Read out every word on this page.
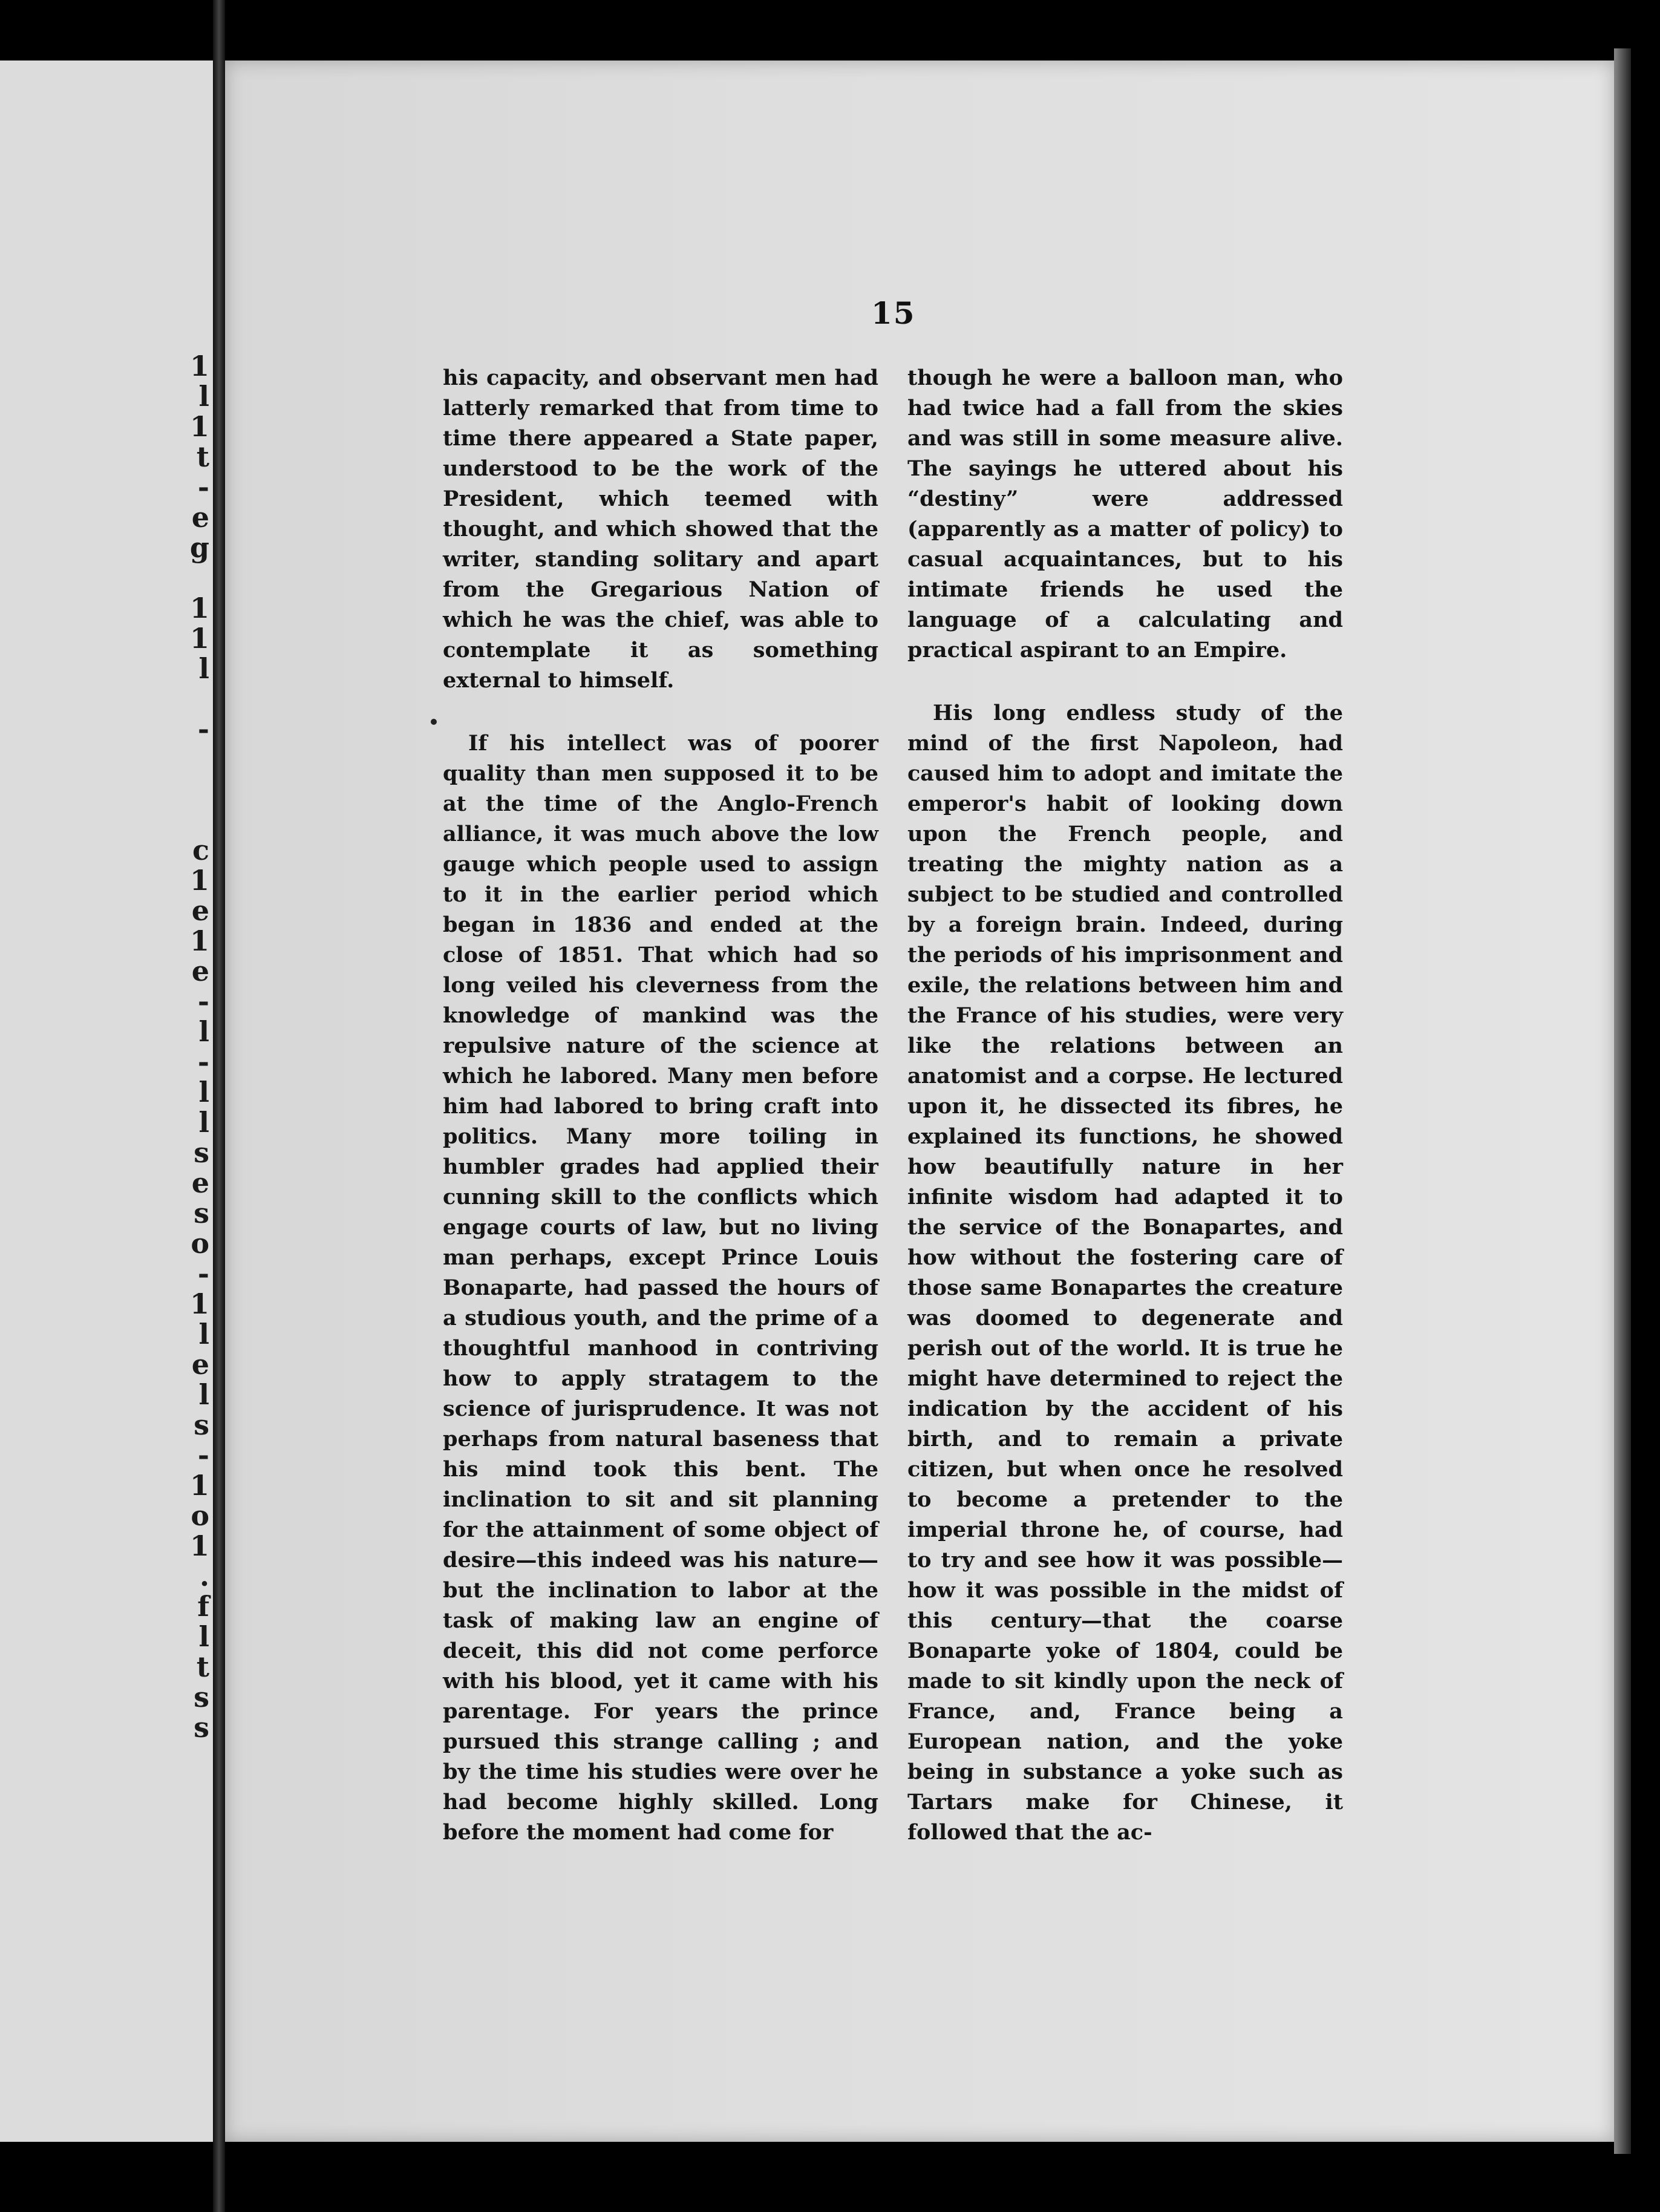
1
l
1
t
-
e
g

1
1
l

-

c
1
e
1
e
-
l
-
l
l
s
e
s
o
-
1
l
e
l
s
-
1
o
1
.
f
l
t
s
s
15

his capacity, and observant men had latterly remarked that from time to time there appeared a State paper, understood to be the work of the President, which teemed with thought, and which showed that the writer, standing solitary and apart from the Gregarious Nation of which he was the chief, was able to contemplate it as something external to himself.

If his intellect was of poorer quality than men supposed it to be at the time of the Anglo-French alliance, it was much above the low gauge which people used to assign to it in the earlier period which began in 1836 and ended at the close of 1851. That which had so long veiled his cleverness from the knowledge of mankind was the repulsive nature of the science at which he labored. Many men before him had labored to bring craft into politics. Many more toiling in humbler grades had applied their cunning skill to the conflicts which engage courts of law, but no living man perhaps, except Prince Louis Bonaparte, had passed the hours of a studious youth, and the prime of a thoughtful manhood in contriving how to apply stratagem to the science of jurisprudence. It was not perhaps from natural baseness that his mind took this bent. The inclination to sit and sit planning for the attainment of some object of desire—this indeed was his nature—but the inclination to labor at the task of making law an engine of deceit, this did not come perforce with his blood, yet it came with his parentage. For years the prince pursued this strange calling ; and by the time his studies were over he had become highly skilled. Long before the moment had come for

though he were a balloon man, who had twice had a fall from the skies and was still in some measure alive. The sayings he uttered about his “destiny” were addressed (apparently as a matter of policy) to casual acquaintances, but to his intimate friends he used the language of a calculating and practical aspirant to an Empire.

His long endless study of the mind of the first Napoleon, had caused him to adopt and imitate the emperor's habit of looking down upon the French people, and treating the mighty nation as a subject to be studied and controlled by a foreign brain. Indeed, during the periods of his imprisonment and exile, the relations between him and the France of his studies, were very like the relations between an anatomist and a corpse. He lectured upon it, he dissected its fibres, he explained its functions, he showed how beautifully nature in her infinite wisdom had adapted it to the service of the Bonapartes, and how without the fostering care of those same Bonapartes the creature was doomed to degenerate and perish out of the world. It is true he might have determined to reject the indication by the accident of his birth, and to remain a private citizen, but when once he resolved to become a pretender to the imperial throne he, of course, had to try and see how it was possible—how it was possible in the midst of this century—that the coarse Bonaparte yoke of 1804, could be made to sit kindly upon the neck of France, and, France being a European nation, and the yoke being in substance a yoke such as Tartars make for Chinese, it followed that the ac-
